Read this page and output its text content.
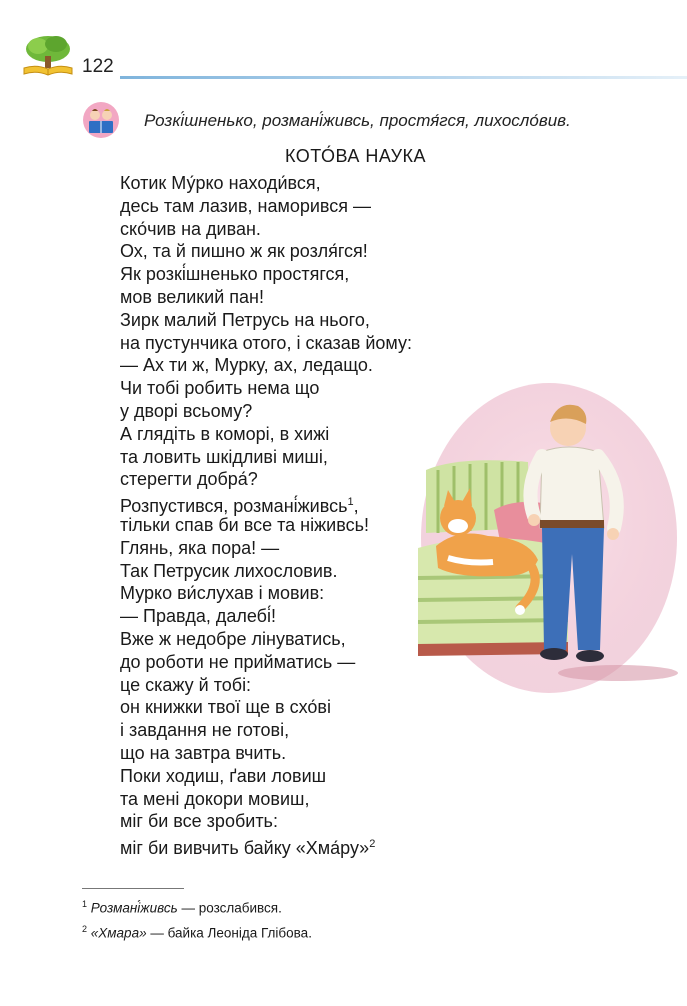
122
Розкі́шненько, розмані́живсь, простя́гся, лихосло́вив.
КОТО́ВА НАУКА
Котик Му́рко находи́вся,
десь там лазив, наморився —
ско́чив на диван.
Ох, та й пишно ж як розля́гся!
Як розкі́шненько простягся,
мов великий пан!
Зирк малий Петрусь на нього,
на пустунчика отого, і сказав йому:
— Ах ти ж, Мурку, ах, ледащо.
Чи тобі робить нема що
у дворі всьому?
А глядіть в коморі, в хижі
та ловить шкідливі миші,
стерегти добра́?
Розпустився, розмані́живсь$^1$,
тільки спав би все та ніживсь!
Глянь, яка пора! —
Так Петрусик лихословив.
Мурко ви́слухав і мовив:
— Правда, далебі́!
Вже ж недобре лінуватись,
до роботи не прийматись —
це скажу й тобі:
он книжки твої ще в схо́ві
і завдання не готові,
що на завтра вчить.
Поки ходиш, ґави ловиш
та мені докори мовиш,
міг би все зробить:
міг би вивчить байку «Хма́ру»$^2$
$^1$ Розмані́живсь — розслабився.
$^2$ «Хмара» — байка Леоніда Глібова.
